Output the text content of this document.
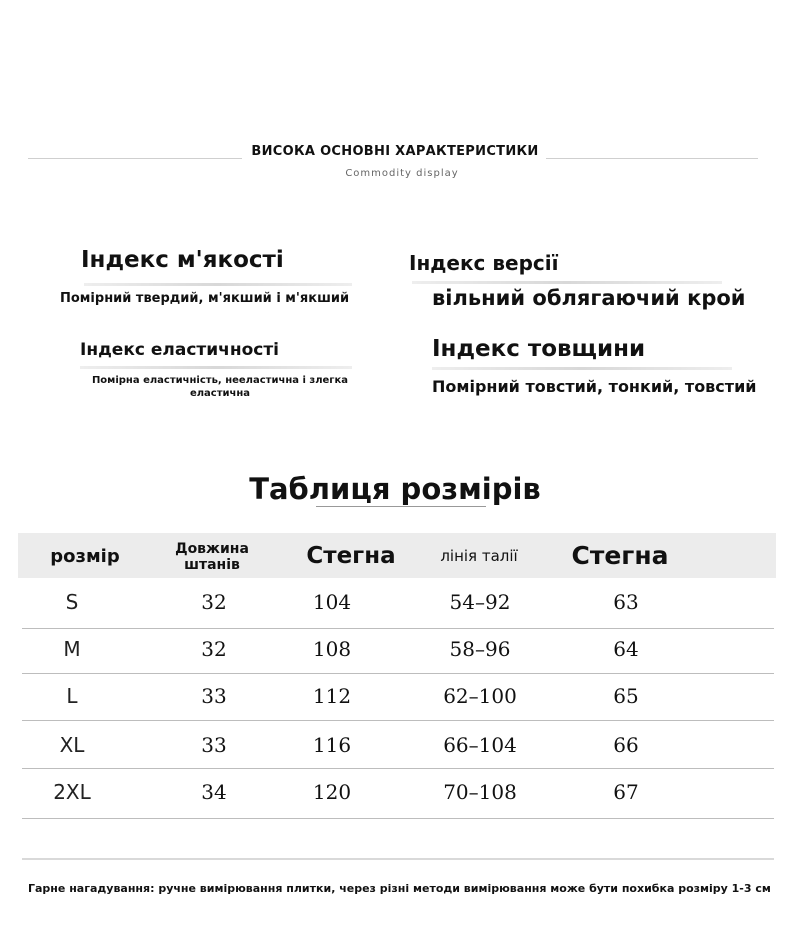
ВИСОКА ОСНОВНІ ХАРАКТЕРИСТИКИ
Commodity display
Індекс м'якості
Помірний твердий, м'якший і м'якший
Індекс версії
вільний облягаючий крой
Індекс еластичності
Помірна еластичність, нееластична і злегка еластична
Індекс товщини
Помірний товстий, тонкий, товстий
Таблиця розмірів
розмір	Довжина штанів	Стегна	лінія талії	Стегна
S	32	104	54–92	63
M	32	108	58–96	64
L	33	112	62–100	65
XL	33	116	66–104	66
2XL	34	120	70–108	67
Гарне нагадування: ручне вимірювання плитки, через різні методи вимірювання може бути похибка розміру 1-3 см
